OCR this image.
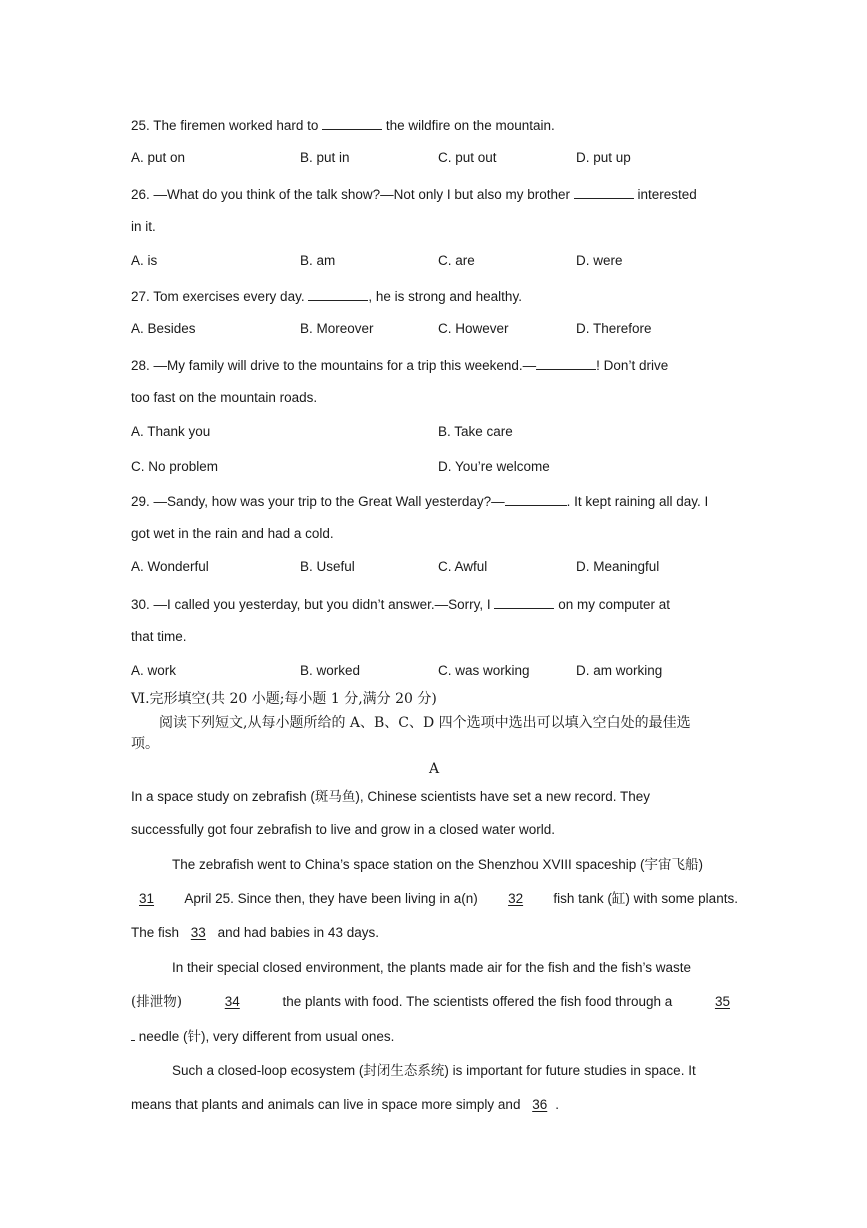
25. The firemen worked hard to	the wildfire on the mountain.
A. put on	B. put in	C. put out	D. put up
26. —What do you think of the talk show?—Not only I but also my brother	interested
in it.
A. is	B. am	C. are	D. were
27. Tom exercises every day.	, he is strong and healthy.
A. Besides	B. Moreover	C. However	D. Therefore
28. —My family will drive to the mountains for a trip this weekend.—	! Don’t drive
too fast on the mountain roads.
A. Thank you	B. Take care
C. No problem	D. You’re welcome
29. —Sandy, how was your trip to the Great Wall yesterday?—	. It kept raining all day. I
got wet in the rain and had a cold.
A. Wonderful	B. Useful	C. Awful	D. Meaningful
30. —I called you yesterday, but you didn’t answer.—Sorry, I	on my computer at
that time.
A. work	B. worked	C. was working	D. am working
Ⅵ.完形填空(共 20 小题;每小题 1 分,满分 20 分)
阅读下列短文,从每小题所给的 A、B、C、D 四个选项中选出可以填入空白处的最佳选
项。
A
In a space study on zebrafish (斑马鱼), Chinese scientists have set a new record. They
successfully got four zebrafish to live and grow in a closed water world.
The zebrafish went to China’s space station on the Shenzhou XVIII spaceship (宇宙飞船)
31	April 25. Since then, they have been living in a(n)	32	fish tank (缸) with some plants.
The fish 33 and had babies in 43 days.
In their special closed environment, the plants made air for the fish and the fish’s waste
(排泄物)	34	the plants with food. The scientists offered the fish food through a	35
needle (针), very different from usual ones.
Such a closed-loop ecosystem (封闭生态系统) is important for future studies in space. It
means that plants and animals can live in space more simply and 36 .
